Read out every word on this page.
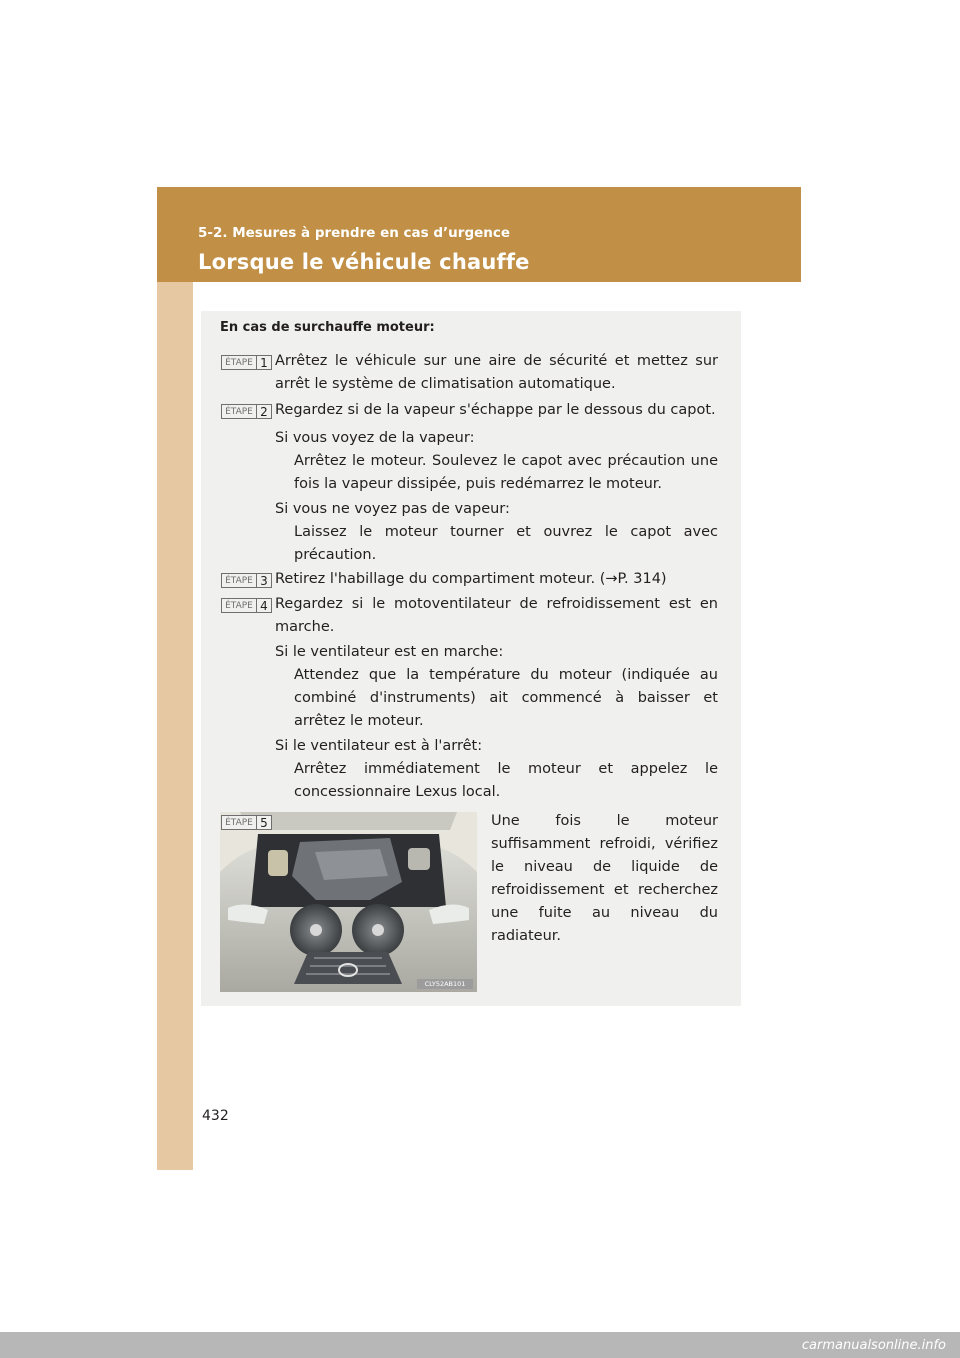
5-2. Mesures à prendre en cas d’urgence

Lorsque le véhicule chauffe

En cas de surchauffe moteur:

ÉTAPE 1 Arrêtez le véhicule sur une aire de sécurité et mettez sur arrêt le système de climatisation automatique.

ÉTAPE 2 Regardez si de la vapeur s'échappe par le dessous du capot.

Si vous voyez de la vapeur:

Arrêtez le moteur. Soulevez le capot avec précaution une fois la vapeur dissipée, puis redémarrez le moteur.

Si vous ne voyez pas de vapeur:

Laissez le moteur tourner et ouvrez le capot avec précaution.

ÉTAPE 3 Retirez l'habillage du compartiment moteur. (→P. 314)

ÉTAPE 4 Regardez si le motoventilateur de refroidissement est en marche.

Si le ventilateur est en marche:

Attendez que la température du moteur (indiquée au combiné d'instruments) ait commencé à baisser et arrêtez le moteur.

Si le ventilateur est à l'arrêt:

Arrêtez immédiatement le moteur et appelez le concessionnaire Lexus local.

CLY52AB101
ÉTAPE 5	Une fois le moteur suffisamment refroidi, vérifiez le niveau de liquide de refroidissement et recherchez une fuite au niveau du radiateur.

432
carmanualsonline.info
